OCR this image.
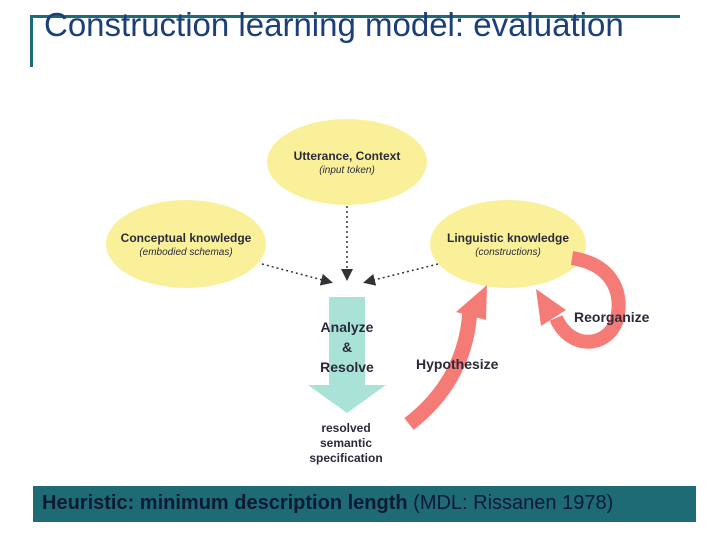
Construction learning model: evaluation
Utterance, Context
(input token)
Conceptual knowledge
(embodied schemas)
Linguistic knowledge
(constructions)
Analyze
&
Resolve
resolved
semantic
specification
Hypothesize
Reorganize
Heuristic: minimum description length (MDL: Rissanen 1978)
